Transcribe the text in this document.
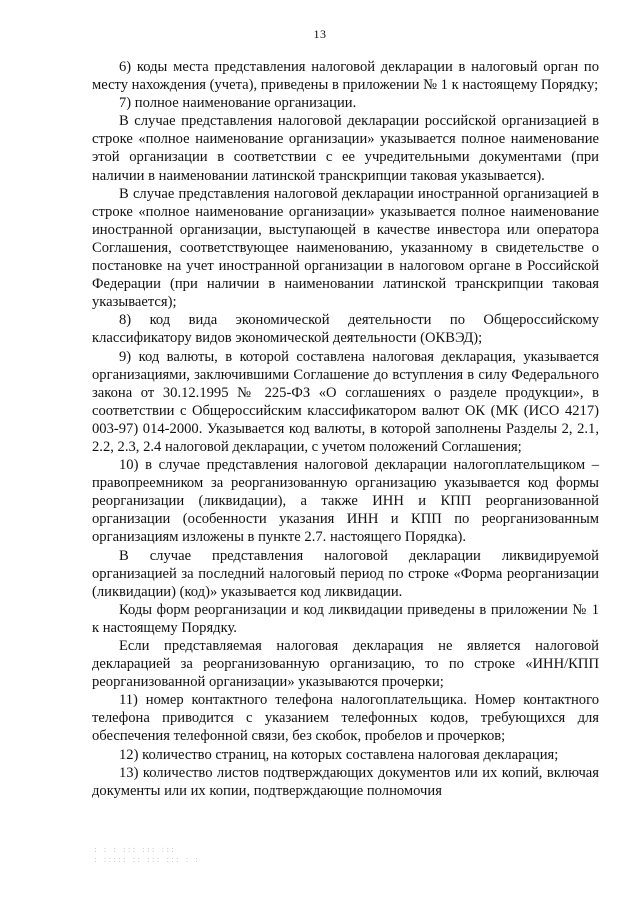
13

6) коды места представления налоговой декларации в налоговый орган по месту нахождения (учета), приведены в приложении № 1 к настоящему Порядку;

7) полное наименование организации.

В случае представления налоговой декларации российской организацией в строке «полное наименование организации» указывается полное наименование этой организации в соответствии с ее учредительными документами (при наличии в наименовании латинской транскрипции таковая указывается).

В случае представления налоговой декларации иностранной организацией в строке «полное наименование организации» указывается полное наименование иностранной организации, выступающей в качестве инвестора или оператора Соглашения, соответствующее наименованию, указанному в свидетельстве о постановке на учет иностранной организации в налоговом органе в Российской Федерации (при наличии в наименовании латинской транскрипции таковая указывается);

8) код вида экономической деятельности по Общероссийскому классификатору видов экономической деятельности (ОКВЭД);

9) код валюты, в которой составлена налоговая декларация, указывается организациями, заключившими Соглашение до вступления в силу Федерального закона от 30.12.1995 № 225-ФЗ «О соглашениях о разделе продукции», в соответствии с Общероссийским классификатором валют ОК (МК (ИСО 4217) 003-97) 014-2000. Указывается код валюты, в которой заполнены Разделы 2, 2.1, 2.2, 2.3, 2.4 налоговой декларации, с учетом положений Соглашения;

10) в случае представления налоговой декларации налогоплательщиком – правопреемником за реорганизованную организацию указывается код формы реорганизации (ликвидации), а также ИНН и КПП реорганизованной организации (особенности указания ИНН и КПП по реорганизованным организациям изложены в пункте 2.7. настоящего Порядка).

В случае представления налоговой декларации ликвидируемой организацией за последний налоговый период по строке «Форма реорганизации (ликвидации) (код)» указывается код ликвидации.

Коды форм реорганизации и код ликвидации приведены в приложении № 1 к настоящему Порядку.

Если представляемая налоговая декларация не является налоговой декларацией за реорганизованную организацию, то по строке «ИНН/КПП реорганизованной организации» указываются прочерки;

11) номер контактного телефона налогоплательщика. Номер контактного телефона приводится с указанием телефонных кодов, требующихся для обеспечения телефонной связи, без скобок, пробелов и прочерков;

12) количество страниц, на которых составлена налоговая декларация;

13) количество листов подтверждающих документов или их копий, включая документы или их копии, подтверждающие полномочия

: : : ::: ::: :::
: ::::: :: ::: ::: : :
